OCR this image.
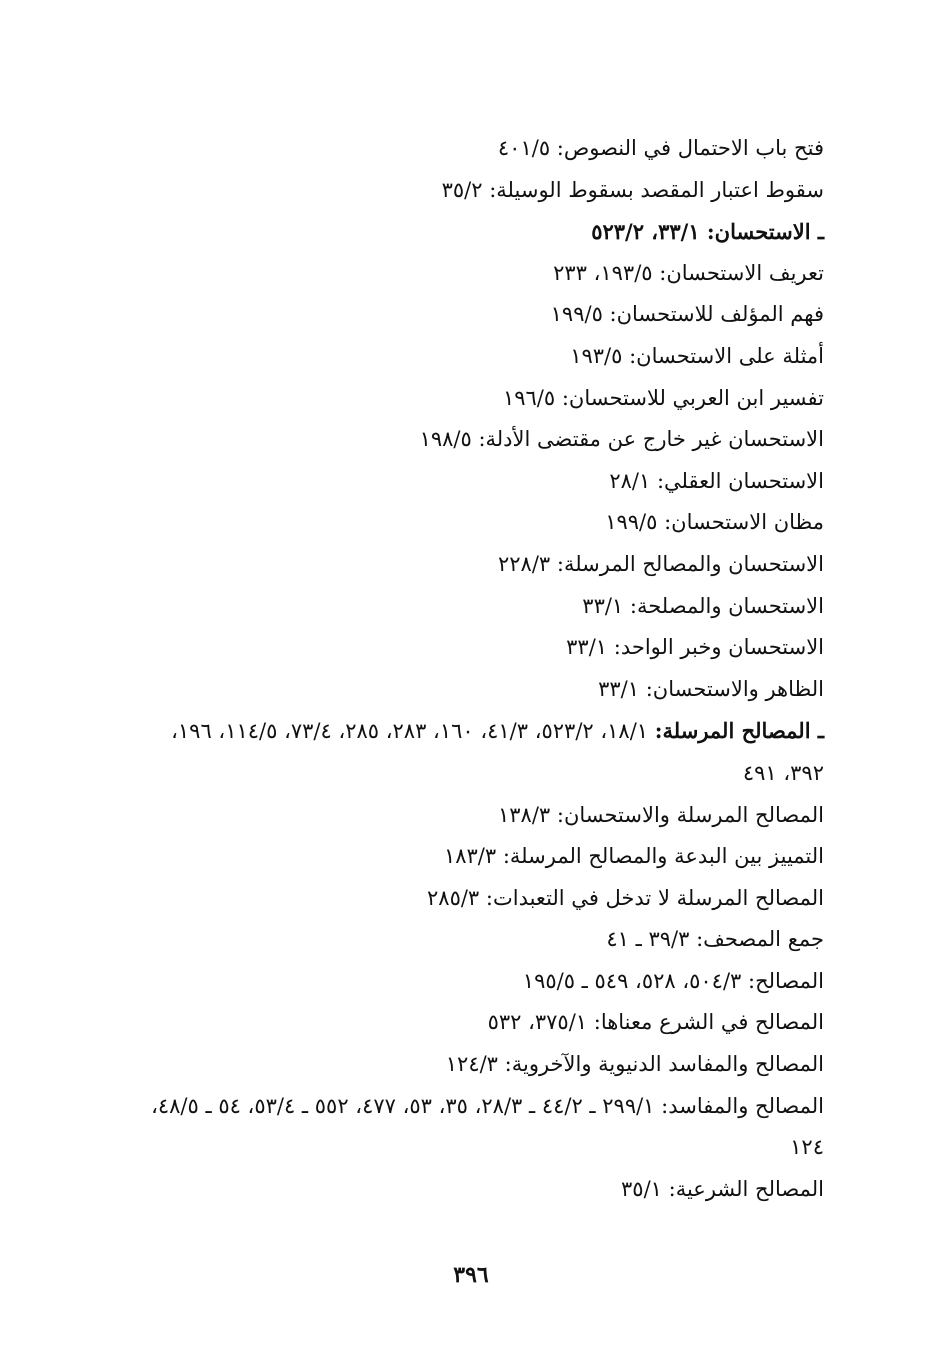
فتح باب الاحتمال في النصوص: ٤٠١/٥
سقوط اعتبار المقصد بسقوط الوسيلة: ٣٥/٢
ـ الاستحسان: ٣٣/١، ٥٢٣/٢
تعريف الاستحسان: ١٩٣/٥، ٢٣٣
فهم المؤلف للاستحسان: ١٩٩/٥
أمثلة على الاستحسان: ١٩٣/٥
تفسير ابن العربي للاستحسان: ١٩٦/٥
الاستحسان غير خارج عن مقتضى الأدلة: ١٩٨/٥
الاستحسان العقلي: ٢٨/١
مظان الاستحسان: ١٩٩/٥
الاستحسان والمصالح المرسلة: ٢٢٨/٣
الاستحسان والمصلحة: ٣٣/١
الاستحسان وخبر الواحد: ٣٣/١
الظاهر والاستحسان: ٣٣/١
ـ المصالح المرسلة: ١٨/١، ٥٢٣/٢، ٤١/٣، ١٦٠، ٢٨٣، ٢٨٥، ٧٣/٤، ١١٤/٥، ١٩٦،
٣٩٢، ٤٩١
المصالح المرسلة والاستحسان: ١٣٨/٣
التمييز بين البدعة والمصالح المرسلة: ١٨٣/٣
المصالح المرسلة لا تدخل في التعبدات: ٢٨٥/٣
جمع المصحف: ٣٩/٣ ـ ٤١
المصالح: ٥٠٤/٣، ٥٢٨، ٥٤٩ ـ ١٩٥/٥
المصالح في الشرع معناها: ٣٧٥/١، ٥٣٢
المصالح والمفاسد الدنيوية والآخروية: ١٢٤/٣
المصالح والمفاسد: ٢٩٩/١ ـ ٤٤/٢ ـ ٢٨/٣، ٣٥، ٥٣، ٤٧٧، ٥٥٢ ـ ٥٣/٤، ٥٤ ـ ٤٨/٥،
١٢٤
المصالح الشرعية: ٣٥/١
٣٩٦
